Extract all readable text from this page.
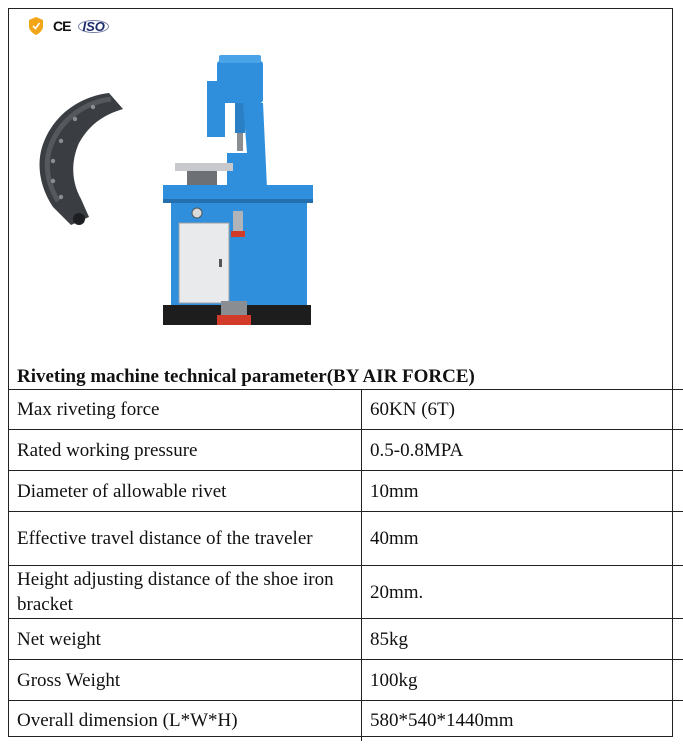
CE ISO
Riveting machine technical parameter(BY AIR FORCE)
Max riveting force	60KN (6T)
Rated working pressure	0.5-0.8MPA
Diameter of allowable rivet	10mm
Effective travel distance of the traveler	40mm
Height adjusting distance of the shoe iron bracket	20mm.
Net weight	85kg
Gross Weight	100kg
Overall dimension (L*W*H)	580*540*1440mm
